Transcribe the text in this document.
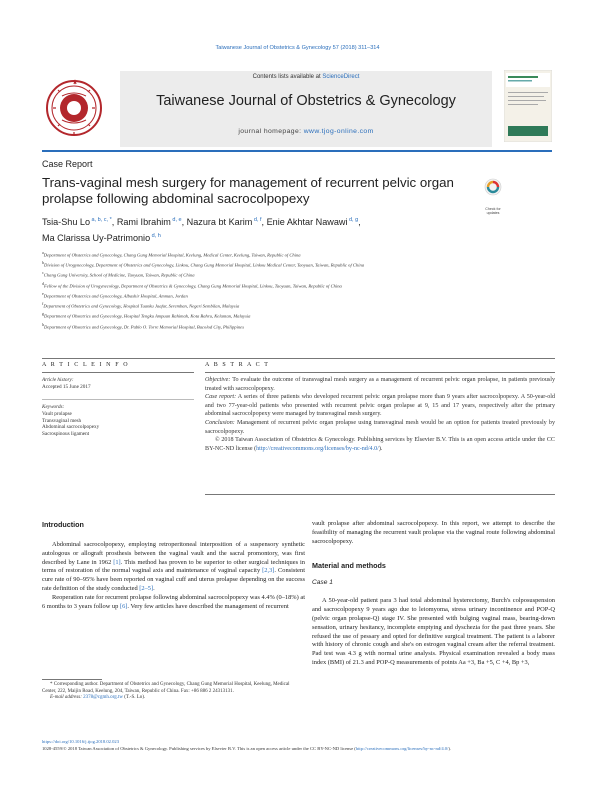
Taiwanese Journal of Obstetrics & Gynecology 57 (2018) 311–314
Contents lists available at ScienceDirect
Taiwanese Journal of Obstetrics & Gynecology
journal homepage: www.tjog-online.com
Case Report
Trans-vaginal mesh surgery for management of recurrent pelvic organ prolapse following abdominal sacrocolpopexy
Check for updates
Tsia-Shu Lo $^{a, b, c, *}$, Rami Ibrahim $^{d, e}$, Nazura bt Karim $^{d, f}$, Enie Akhtar Nawawi $^{d, g}$,
Ma Clarissa Uy-Patrimonio $^{d, h}$

$^a$Department of Obstetrics and Gynecology, Chang Gung Memorial Hospital, Keelung, Medical Center, Keelung, Taiwan, Republic of China

$^b$Division of Urogynecology, Department of Obstetrics and Gynecology, Linkou, Chang Gung Memorial Hospital, Linkou Medical Center, Taoyuan, Taiwan, Republic of China

$^c$Chang Gung University, School of Medicine, Taoyuan, Taiwan, Republic of China

$^d$Fellow of the Division of Urogynecology, Department of Obstetrics & Gynecology, Chang Gung Memorial Hospital, Linkou, Taoyuan, Taiwan, Republic of China

$^e$Department of Obstetrics and Gynecology, Albashir Hospital, Amman, Jordan

$^f$Department of Obstetrics and Gynecology, Hospital Tuanku Jaafar, Seremban, Negeri Sembilan, Malaysia

$^g$Department of Obstetrics and Gynecology, Hospital Tengku Ampuan Rahimah, Kota Bahru, Kelantan, Malaysia

$^h$Department of Obstetrics and Gynecology, Dr. Pablo O. Torre Memorial Hospital, Bacolod City, Philippines

A R T I C L E I N F O	A B S T R A C T
Article history:
Accepted 15 June 2017
Keywords:
Vault prolapse
Transvaginal mesh
Abdominal sacrocolpopexy
Sacrospinous ligament
Objective: To evaluate the outcome of transvaginal mesh surgery as a management of recurrent pelvic organ prolapse, in patients previously treated with sacrocolpopexy.
Case report: A series of three patients who developed recurrent pelvic organ prolapse more than 9 years after sacrocolpopexy. A 50-year-old and two 77-year-old patients who presented with recurrent pelvic organ prolapse at 9, 15 and 17 years, respectively after the primary abdominal sacrocolpopexy were managed by transvaginal mesh surgery.
Conclusion: Management of recurrent pelvic organ prolapse using transvaginal mesh would be an option for patients treated previously by sacrocolpopexy.
© 2018 Taiwan Association of Obstetrics & Gynecology. Publishing services by Elsevier B.V. This is an open access article under the CC BY-NC-ND license (http://creativecommons.org/licenses/by-nc-nd/4.0/).
Introduction

Abdominal sacrocolpopexy, employing retroperitoneal interposition of a suspensory synthetic autologous or allograft prosthesis between the vaginal vault and the sacral promontory, was first described by Lane in 1962 [1]. This method has proven to be superior to other surgical techniques in terms of restoration of the normal vaginal axis and maintenance of vaginal capacity [2,3]. Consistent cure rate of 90–95% have been reported on vaginal cuff and uterus prolapse depending on the success rate definition of the study conducted [2–5].

Reoperation rate for recurrent prolapse following abdominal sacrocolpopexy was 4.4% (0–18%) at 6 months to 3 years follow up [6]. Very few articles have described the management of recurrent

* Corresponding author. Department of Obstetrics and Gynecology, Chang Gung Memorial Hospital, Keelung, Medical Center, 222, Maijin Road, Keelung, 204, Taiwan, Republic of China. Fax: +86 886 2 24313131.
E-mail address: 2378@cgmh.org.tw (T.-S. Lo).
vault prolapse after abdominal sacrocolpopexy. In this report, we attempt to describe the feasibility of managing the recurrent vault prolapse via the vaginal route following abdominal sacrocolpopexy.
Material and methods
Case 1

A 50-year-old patient para 3 had total abdominal hysterectomy, Burch's colposuspension and sacrocolpopexy 9 years ago due to leiomyoma, stress urinary incontinence and POP-Q (pelvic organ prolapse-Q) stage IV. She presented with bulging vaginal mass, bearing-down sensation, urinary hesitancy, incomplete emptying and dyschezia for the past three years. She refused the use of pessary and opted for definitive surgical treatment. The patient is a laborer with history of chronic cough and she's on estrogen vaginal cream after the referral treatment. Pad test was 4.3 g with normal urine analysis. Physical examination revealed a body mass index (BMI) of 21.3 and POP-Q measurements of points Aa +3, Ba +5, C +4, Bp +3,

https://doi.org/10.1016/j.tjog.2018.02.023
1028-4559/© 2018 Taiwan Association of Obstetrics & Gynecology. Publishing services by Elsevier B.V. This is an open access article under the CC BY-NC-ND license (http://creativecommons.org/licenses/by-nc-nd/4.0/).
